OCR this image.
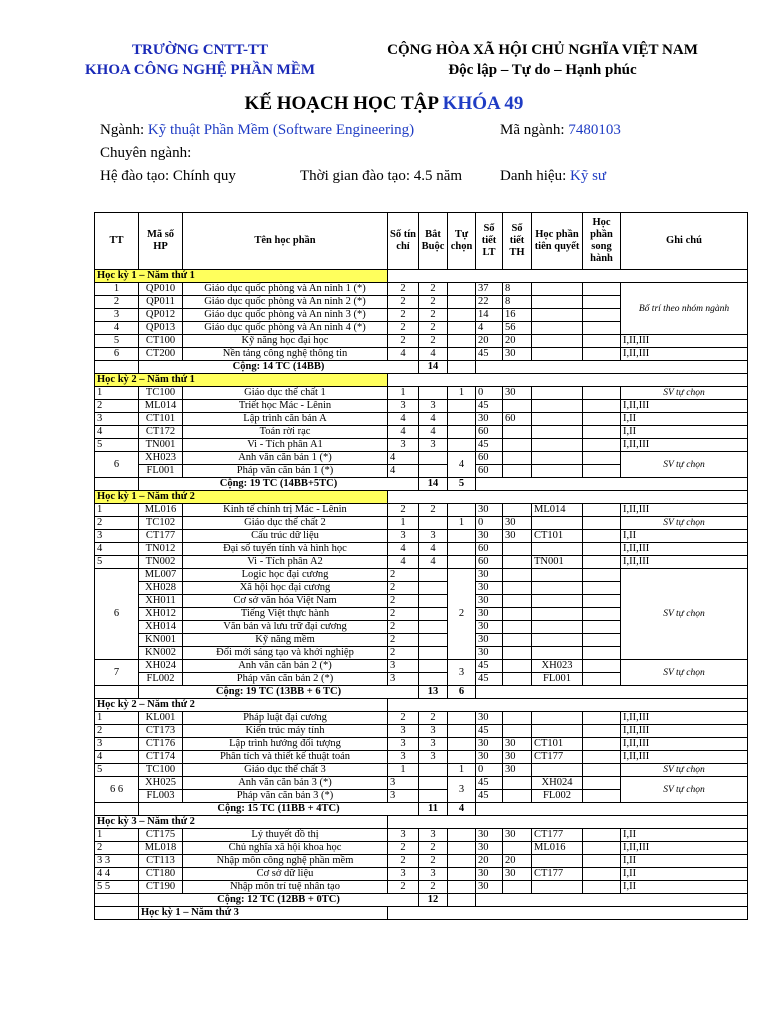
TRƯỜNG CNTT-TT
KHOA CÔNG NGHỆ PHẦN MỀM
CỘNG HÒA XÃ HỘI CHỦ NGHĨA VIỆT NAM
Độc lập – Tự do – Hạnh phúc
KẾ HOẠCH HỌC TẬP KHÓA 49
Ngành: Kỹ thuật Phần Mềm (Software Engineering)	Mã ngành: 7480103
Chuyên ngành:
Hệ đào tạo: Chính quy	Thời gian đào tạo: 4.5 năm	Danh hiệu: Kỹ sư
TT	Mã số HP	Tên học phần	Số tín chỉ	Bắt Buộc	Tự chọn	Số tiết LT	Số tiết TH	Học phần tiên quyết	Học phần song hành	Ghi chú
Học kỳ 1 – Năm thứ 1										
1	QP010	Giáo dục quốc phòng và An ninh 1 (*)	2	2		37	8			Bố trí theo nhóm ngành
2	QP011	Giáo dục quốc phòng và An ninh 2 (*)	2	2		22	8			
3	QP012	Giáo dục quốc phòng và An ninh 3 (*)	2	2		14	16			
4	QP013	Giáo dục quốc phòng và An ninh 4 (*)	2	2		4	56			
5	CT100	Kỹ năng học đại học	2	2		20	20			I,II,III
6	CT200	Nền tảng công nghệ thông tin	4	4		45	30			I,II,III
	Cộng: 14 TC (14BB)			14						
Học kỳ 2 – Năm thứ 1										
1	TC100	Giáo dục thể chất 1	1		1	0	30			SV tự chọn
2	ML014	Triết học Mác - Lênin	3	3		45				I,II,III
3	CT101	Lập trình căn bản A	4	4		30	60			I,II
4	CT172	Toán rời rạc	4	4		60				I,II
5	TN001	Vi - Tích phân A1	3	3		45				I,II,III
6	XH023	Anh văn căn bản 1 (*)	4		4	60				SV tự chọn
	FL001	Pháp văn căn bản 1 (*)	4			60				
	Cộng: 19 TC (14BB+5TC)			14	5					
Học kỳ 1 – Năm thứ 2										
1	ML016	Kinh tế chính trị Mác - Lênin	2	2		30		ML014		I,II,III
2	TC102	Giáo dục thể chất 2	1		1	0	30			SV tự chọn
3	CT177	Cấu trúc dữ liệu	3	3		30	30	CT101		I,II
4	TN012	Đại số tuyến tính và hình học	4	4		60				I,II,III
5	TN002	Vi - Tích phân A2	4	4		60		TN001		I,II,III
6	ML007	Logic học đại cương	2		2	30				SV tự chọn
	XH028	Xã hội học đại cương	2			30				
	XH011	Cơ sở văn hóa Việt Nam	2			30				
	XH012	Tiếng Việt thực hành	2			30				
	XH014	Văn bản và lưu trữ đại cương	2			30				
	KN001	Kỹ năng mềm	2			30				
	KN002	Đổi mới sáng tạo và khởi nghiệp	2			30				
7	XH024	Anh văn căn bản 2 (*)	3		3	45		XH023		SV tự chọn
	FL002	Pháp văn căn bản 2 (*)	3			45		FL001		
	Cộng: 19 TC (13BB + 6 TC)			13	6					
Học kỳ 2 – Năm thứ 2										
1	KL001	Pháp luật đại cương	2	2		30				I,II,III
2	CT173	Kiến trúc máy tính	3	3		45				I,II,III
3	CT176	Lập trình hướng đối tượng	3	3		30	30	CT101		I,II,III
4	CT174	Phân tích và thiết kế thuật toán	3	3		30	30	CT177		I,II,III
5	TC100	Giáo dục thể chất 3	1		1	0	30			SV tự chọn
6 6	XH025	Anh văn căn bản 3 (*)	3		3	45		XH024		SV tự chọn
	FL003	Pháp văn căn bản 3 (*)	3			45		FL002		
	Cộng: 15 TC (11BB + 4TC)			11	4					
Học kỳ 3 – Năm thứ 2										
1	CT175	Lý thuyết đồ thị	3	3		30	30	CT177		I,II
2	ML018	Chủ nghĩa xã hội khoa học	2	2		30		ML016		I,II,III
3 3	CT113	Nhập môn công nghệ phần mềm	2	2		20	20			I,II
4 4	CT180	Cơ sở dữ liệu	3	3		30	30	CT177		I,II
5 5	CT190	Nhập môn trí tuệ nhân tạo	2	2		30				I,II
	Cộng: 12 TC (12BB + 0TC)			12						
	Học kỳ 1 – Năm thứ 3									
